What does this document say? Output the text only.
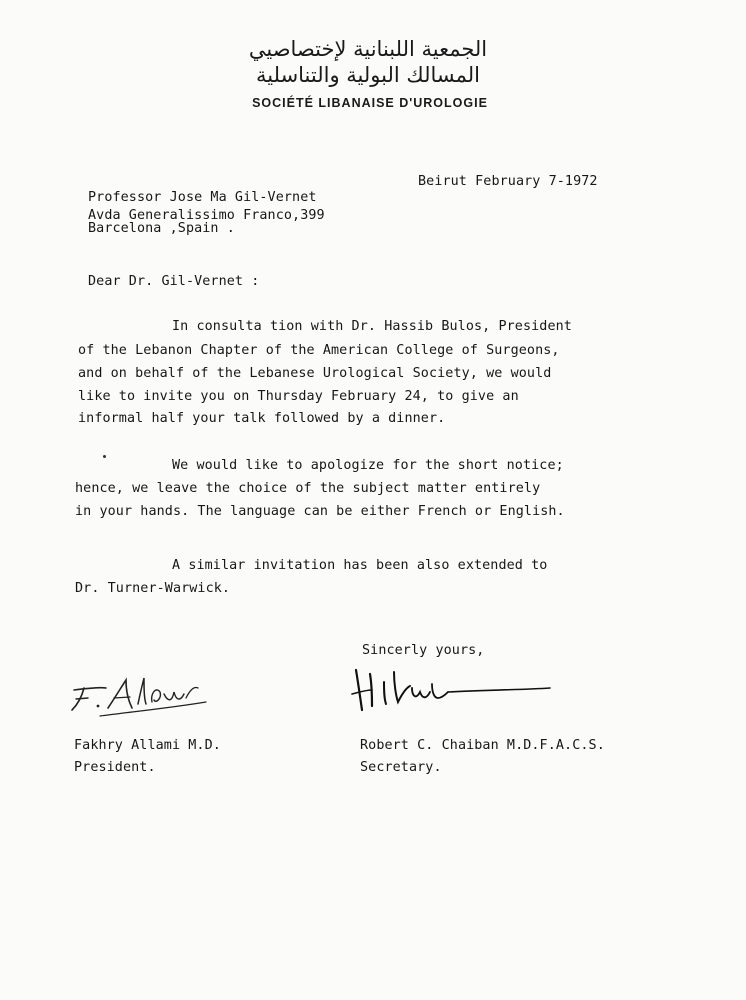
الجمعية اللبنانية لإختصاصيي
المسالك البولية والتناسلية
SOCIÉTÉ LIBANAISE D'UROLOGIE
Beirut February 7-1972
Professor Jose Ma Gil-Vernet
Avda Generalissimo Franco,399
Barcelona ,Spain .
Dear Dr. Gil-Vernet :
In consulta tion with Dr. Hassib Bulos, President
of the Lebanon Chapter of the American College of Surgeons,
and on behalf of the Lebanese Urological Society, we would
like to invite you on Thursday February 24, to give an
informal half your talk followed by a dinner.
We would like to apologize for the short notice;
hence, we leave the choice of the subject matter entirely
in your hands. The language can be either French or English.
A similar invitation has been also extended to
Dr. Turner-Warwick.
Sincerly yours,
Fakhry Allami M.D.
President.
Robert C. Chaiban M.D.F.A.C.S.
Secretary.
